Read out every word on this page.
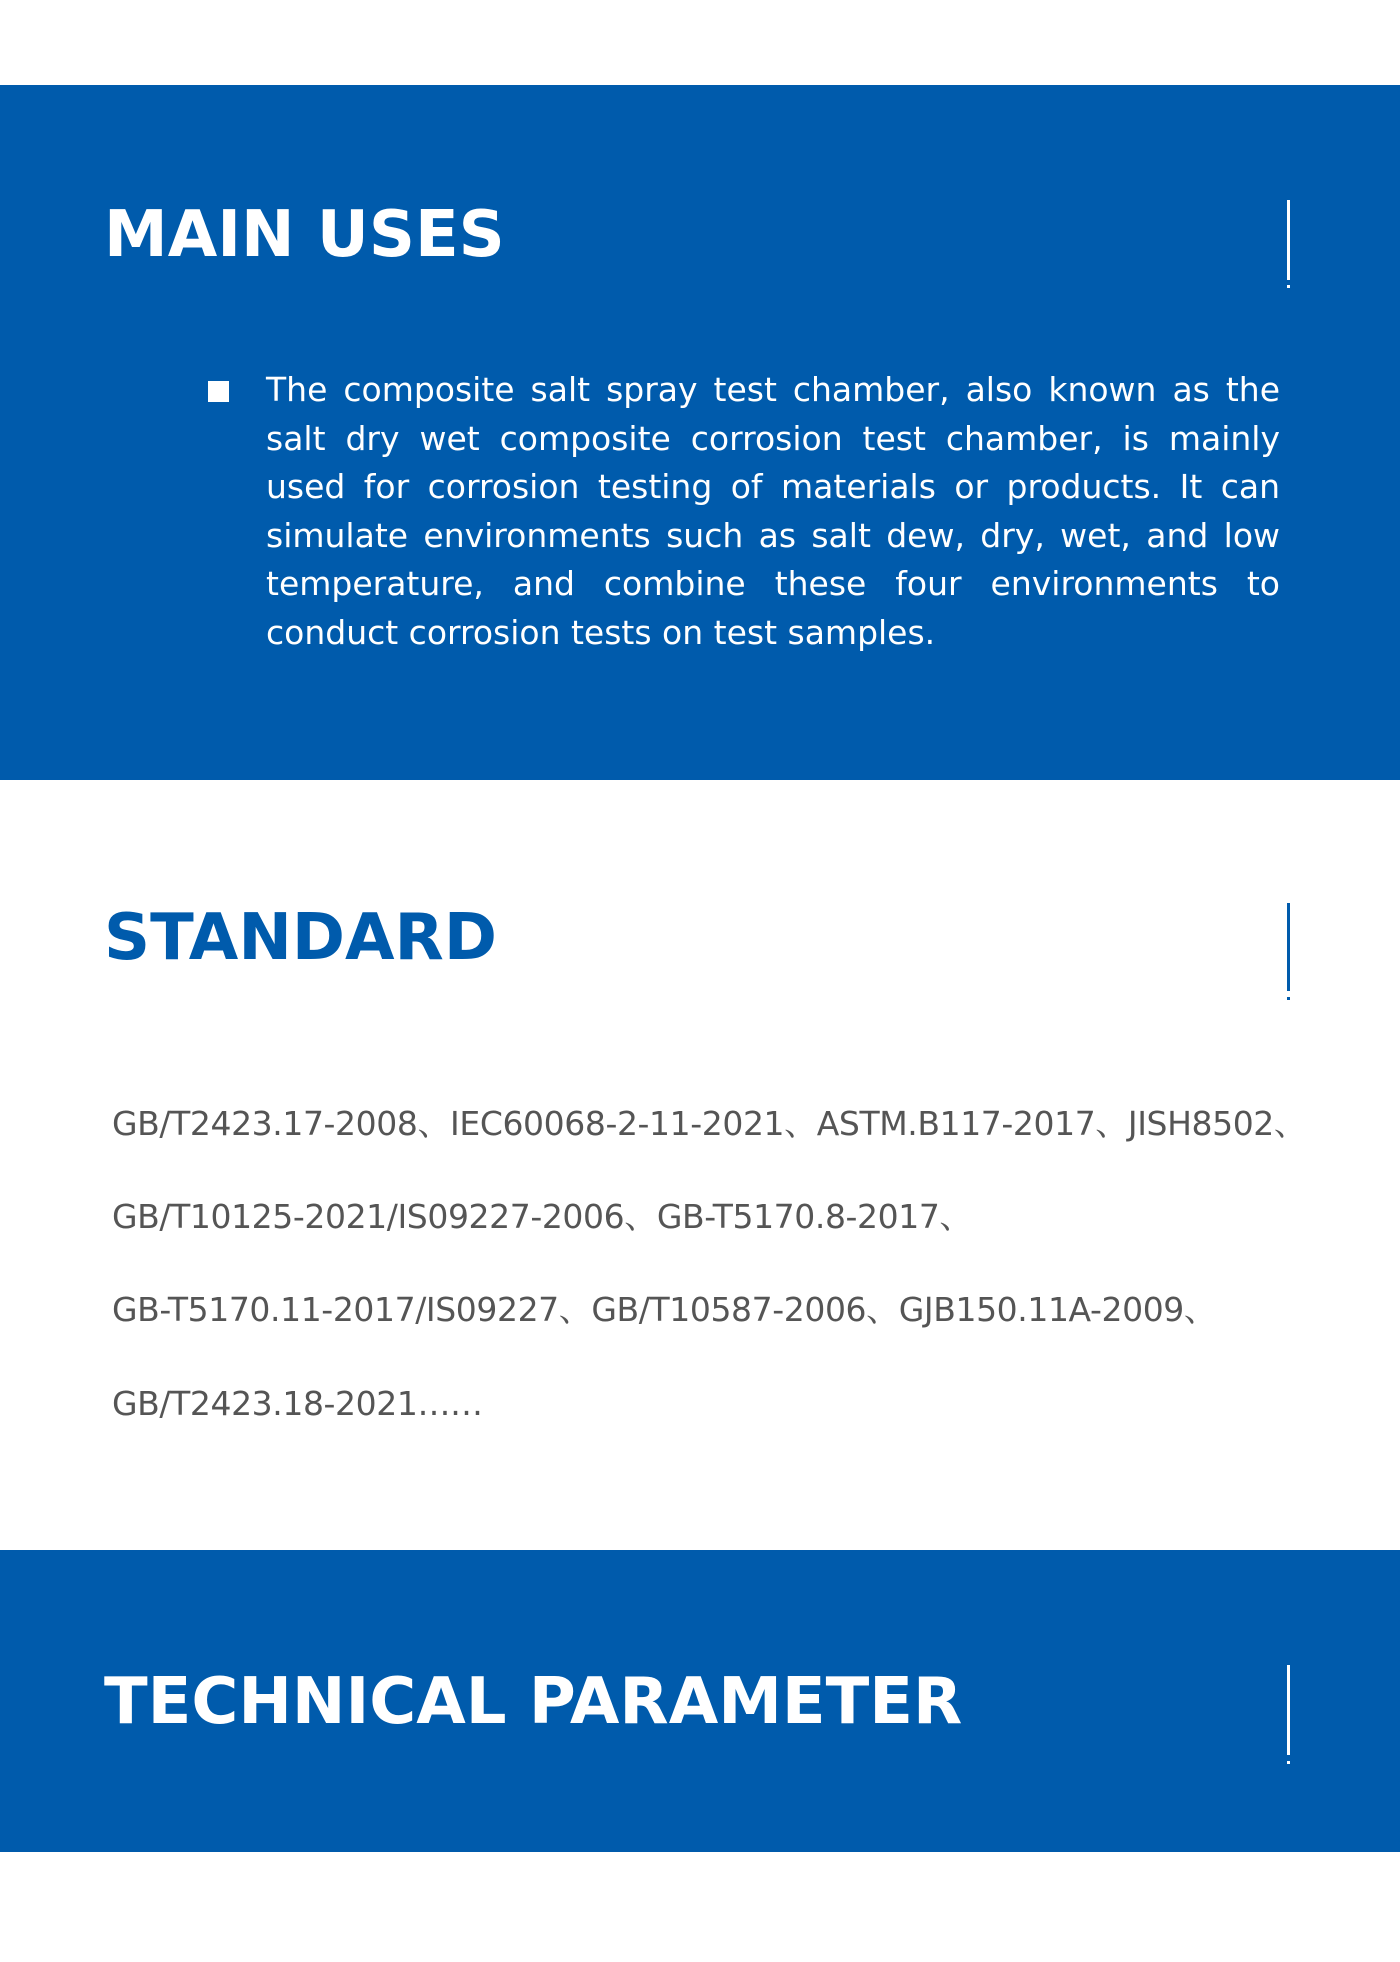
MAIN USES

The composite salt spray test chamber, also known as the salt dry wet composite corrosion test chamber, is mainly used for corrosion testing of materials or products. It can simulate environments such as salt dew, dry, wet, and low temperature, and combine these four environments to conduct corrosion tests on test samples.

STANDARD

GB/T2423.17-2008、IEC60068-2-11-2021、ASTM.B117-2017、JISH8502、

GB/T10125-2021/IS09227-2006、GB-T5170.8-2017、

GB-T5170.11-2017/IS09227、GB/T10587-2006、GJB150.11A-2009、

GB/T2423.18-2021……

TECHNICAL PARAMETER
